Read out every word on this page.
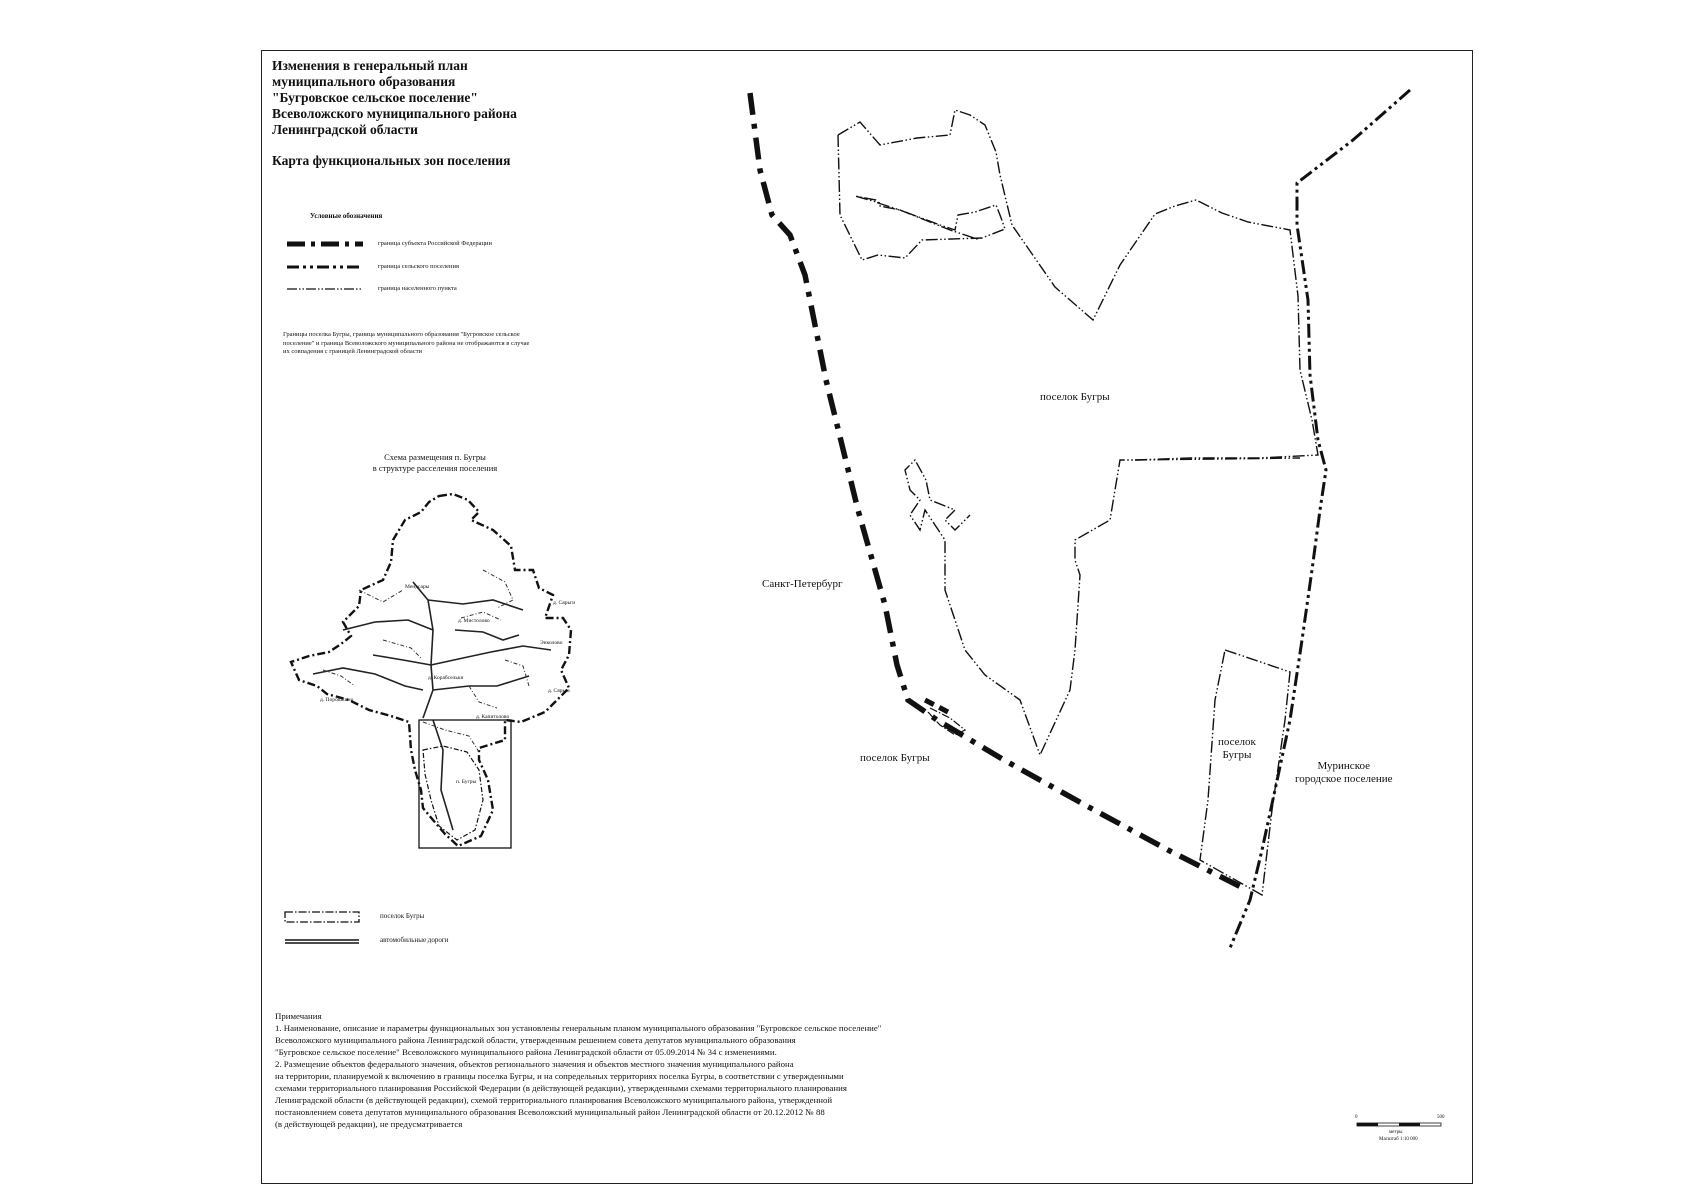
Изменения в генеральный план
муниципального образования
"Бугровское сельское поселение"
Всеволожского муниципального района
Ленинградской области
Карта функциональных зон поселения
Условные обозначения
граница субъекта Российской Федерации
граница сельского поселения
граница населенного пункта
Границы поселка Бугры, граница муниципального образования "Бугровское сельское поселение" и граница Всеволожского муниципального района не отображаются в случае их совпадения с границей Ленинградской области
Схема размещения п. Бугры
в структуре расселения поселения
Мендсары
д. Сярьги
д. Мистолово
Энколово
д. Порошкино
д. Корабсельки
д. Сярьга
д. Капитолово
п. Бугры
поселок Бугры
автомобильные дороги
поселок Бугры
Санкт-Петербург
поселок Бугры
поселок
Бугры
Муринское
городское поселение
Примечания
1. Наименование, описание и параметры функциональных зон установлены генеральным планом муниципального образования "Бугровское сельское поселение"
Всеволожского муниципального района Ленинградской области, утвержденным решением совета депутатов муниципального образования
"Бугровское сельское поселение" Всеволожского муниципального района Ленинградской области от 05.09.2014 № 34 с изменениями.
2. Размещение объектов федерального значения, объектов регионального значения и объектов местного значения муниципального района
на территории, планируемой к включению в границы поселка Бугры, и на сопредельных территориях поселка Бугры, в соответствии с утвержденными
схемами территориального планирования Российской Федерации (в действующей редакции), утвержденными схемами территориального планирования
Ленинградской области (в действующей редакции), схемой территориального планирования Всеволожского муниципального района, утвержденной
постановлением совета депутатов муниципального образования Всеволожский муниципальный район Ленинградской области от 20.12.2012 № 88
(в действующей редакции), не предусматривается
0	500
метры
Масштаб 1:10 000
